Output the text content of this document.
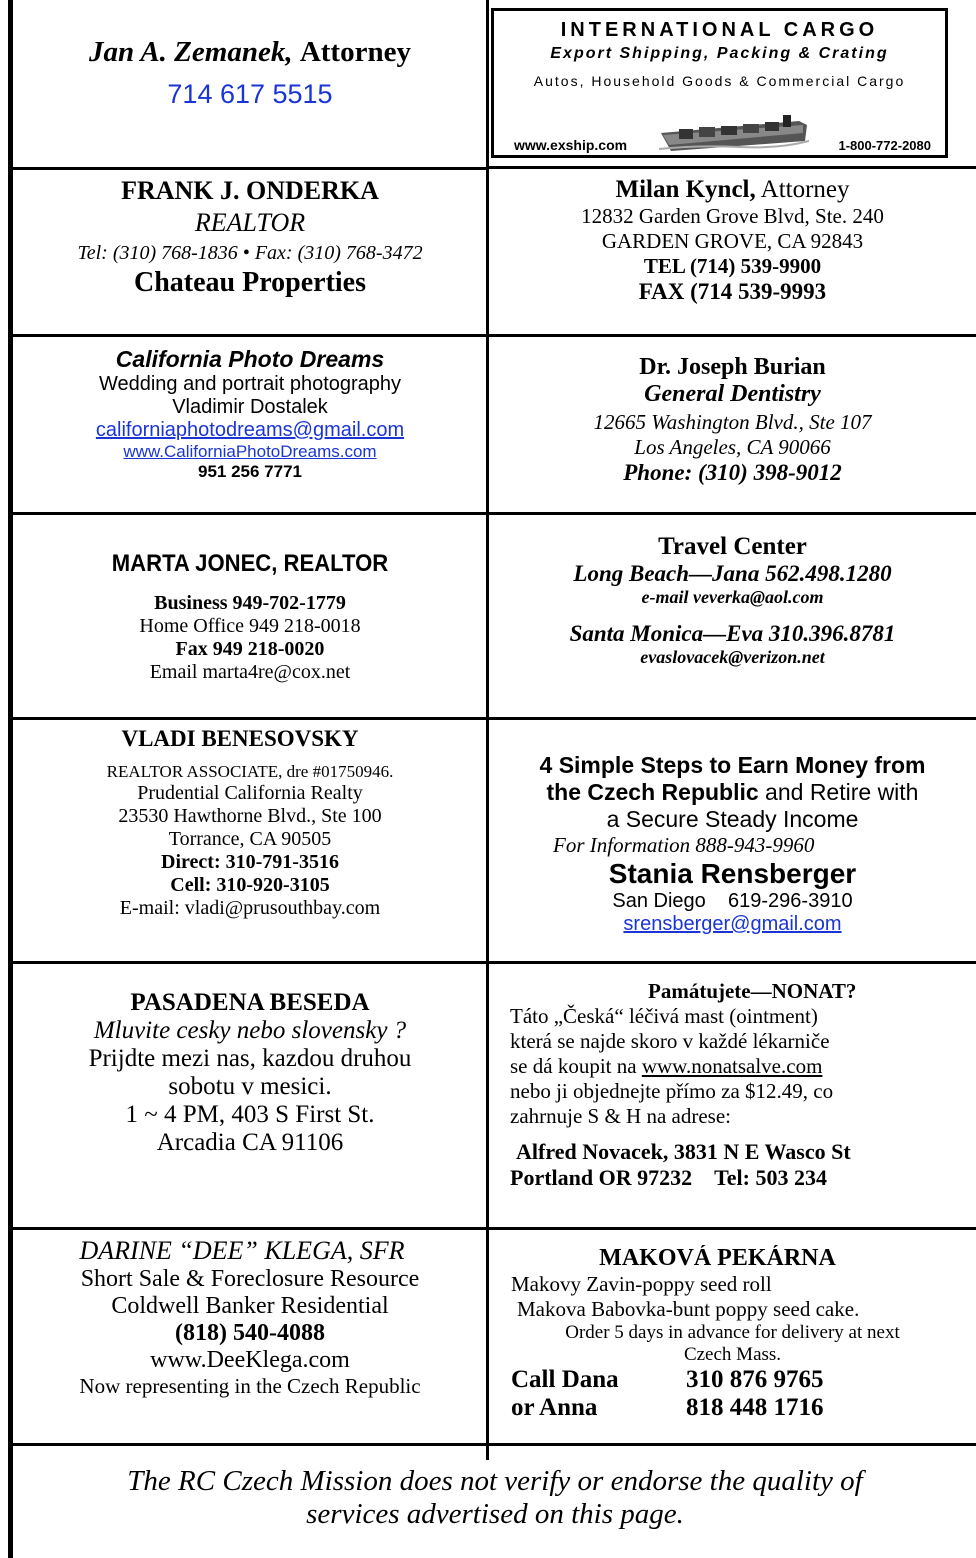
Jan A. Zemanek, Attorney
714 617 5515
INTERNATIONAL CARGO
Export Shipping, Packing & Crating
Autos, Household Goods & Commercial Cargo
www.exship.com	1-800-772-2080
FRANK J. ONDERKA
REALTOR
Tel: (310) 768-1836 • Fax: (310) 768-3472
Chateau Properties
Milan Kyncl, Attorney
12832 Garden Grove Blvd, Ste. 240
GARDEN GROVE, CA 92843
TEL (714) 539-9900
FAX (714 539-9993
California Photo Dreams
Wedding and portrait photography
Vladimir Dostalek
californiaphotodreams@gmail.com
www.CaliforniaPhotoDreams.com
951 256 7771
Dr. Joseph Burian
General Dentistry
12665 Washington Blvd., Ste 107
Los Angeles, CA 90066
Phone: (310) 398-9012
MARTA JONEC, REALTOR
Business 949-702-1779
Home Office 949 218-0018
Fax 949 218-0020
Email marta4re@cox.net
Travel Center
Long Beach—Jana 562.498.1280
e-mail veverka@aol.com
Santa Monica—Eva 310.396.8781
evaslovacek@verizon.net
VLADI BENESOVSKY
REALTOR ASSOCIATE, dre #01750946.
Prudential California Realty
23530 Hawthorne Blvd., Ste 100
Torrance, CA 90505
Direct: 310-791-3516
Cell: 310-920-3105
E-mail: vladi@prusouthbay.com
4 Simple Steps to Earn Money from
the Czech Republic and Retire with
a Secure Steady Income
For Information 888-943-9960
Stania Rensberger
San Diego 619-296-3910
srensberger@gmail.com
PASADENA BESEDA
Mluvite cesky nebo slovensky ?
Prijdte mezi nas, kazdou druhou
sobotu v mesici.
1 ~ 4 PM, 403 S First St.
Arcadia CA 91106
Památujete—NONAT?
Táto „Česká“ léčivá mast (ointment)
která se najde skoro v každé lékarniče
se dá koupit na www.nonatsalve.com
nebo ji objednejte přímo za $12.49, co
zahrnuje S & H na adrese:
Alfred Novacek, 3831 N E Wasco St
Portland OR 97232 Tel: 503 234
DARINE “DEE” KLEGA, SFR
Short Sale & Foreclosure Resource
Coldwell Banker Residential
(818) 540-4088
www.DeeKlega.com
Now representing in the Czech Republic
MAKOVÁ PEKÁRNA
Makovy Zavin-poppy seed roll
Makova Babovka-bunt poppy seed cake.
Order 5 days in advance for delivery at next
Czech Mass.
Call Dana	310 876 9765
or Anna	818 448 1716
The RC Czech Mission does not verify or endorse the quality of
services advertised on this page.
